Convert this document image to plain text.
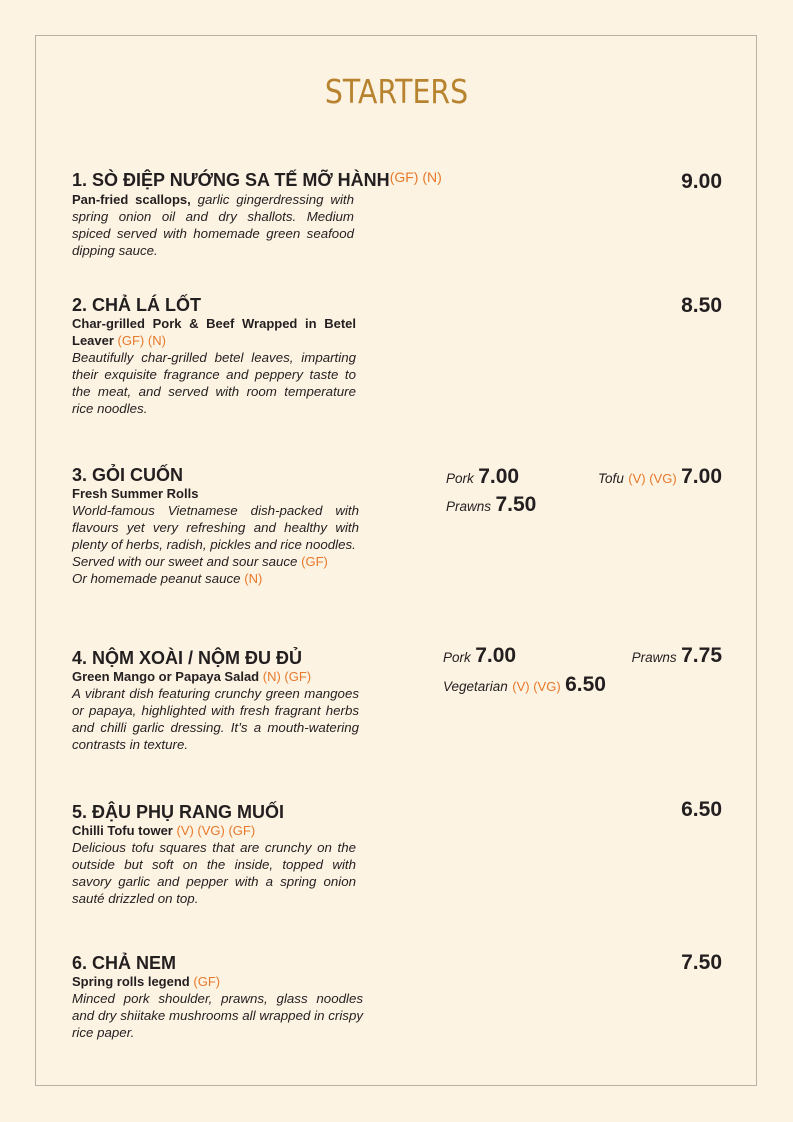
STARTERS
1. SÒ ĐIỆP NƯỚNG SA TẾ MỠ $HÀNH^{(GF) (N)}$
Pan-fried scallops, garlic gingerdressing with spring onion oil and dry shallots. Medium spiced served with homemade green seafood dipping sauce.
9.00
2. CHẢ LÁ LỐT
Char-grilled Pork & Beef Wrapped in Betel Leaver (GF) (N)
Beautifully char-grilled betel leaves, imparting their exquisite fragrance and peppery taste to the meat, and served with room temperature rice noodles.
8.50
3. GỎI CUỐN
Fresh Summer Rolls
World-famous Vietnamese dish-packed with flavours yet very refreshing and healthy with plenty of herbs, radish, pickles and rice noodles.
Served with our sweet and sour sauce (GF)
Or homemade peanut sauce (N)
Pork 7.00	Tofu (V) (VG) 7.00
Prawns 7.50
4. NỘM XOÀI / NỘM ĐU ĐỦ
Green Mango or Papaya Salad (N) (GF)
A vibrant dish featuring crunchy green mangoes or papaya, highlighted with fresh fragrant herbs and chilli garlic dressing. It’s a mouth-watering contrasts in texture.
Pork 7.00	Prawns 7.75
Vegetarian (V) (VG) 6.50
5. ĐẬU PHỤ RANG MUỐI
Chilli Tofu tower (V) (VG) (GF)
Delicious tofu squares that are crunchy on the outside but soft on the inside, topped with savory garlic and pepper with a spring onion sauté drizzled on top.
6.50
6. CHẢ NEM
Spring rolls legend (GF)
Minced pork shoulder, prawns, glass noodles and dry shiitake mushrooms all wrapped in crispy rice paper.
7.50
